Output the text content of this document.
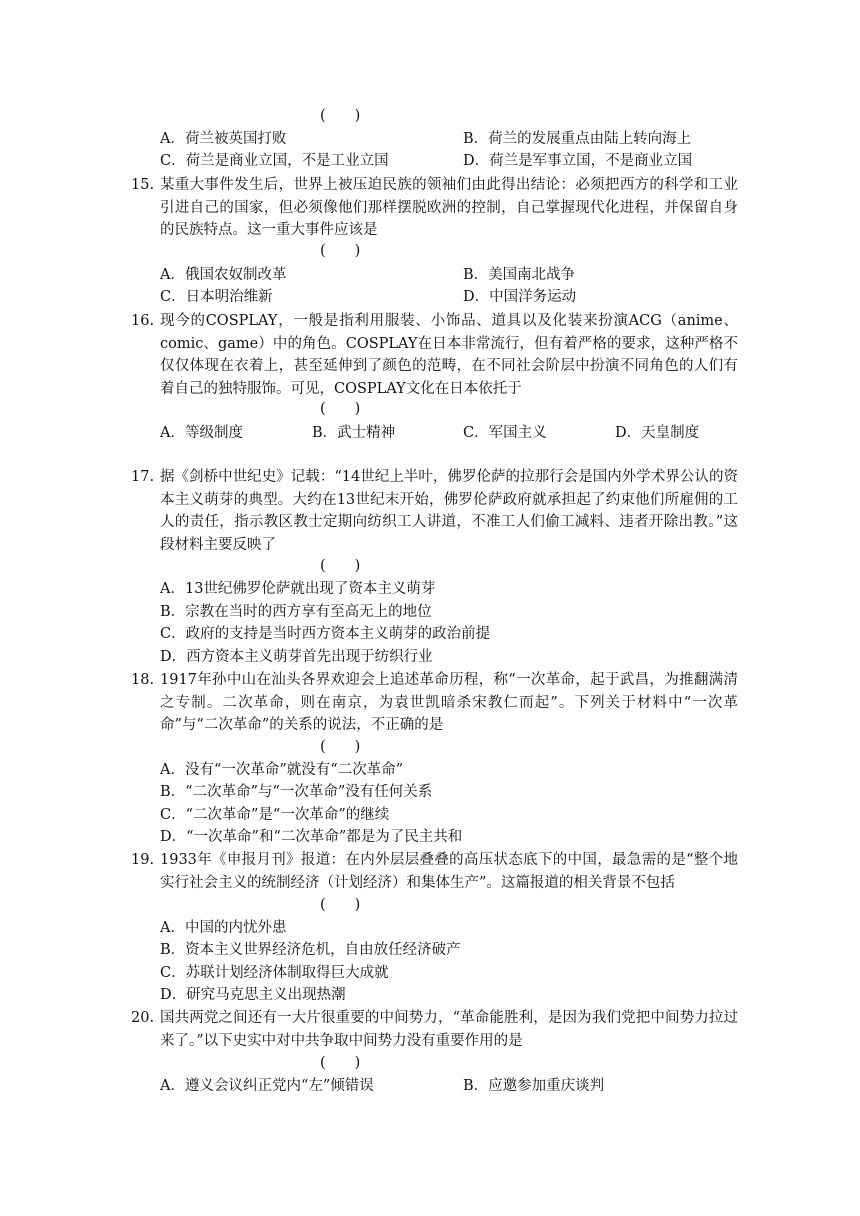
(　　)
A．荷兰被英国打败	B．荷兰的发展重点由陆上转向海上
C．荷兰是商业立国，不是工业立国	D．荷兰是军事立国，不是商业立国
15. 某重大事件发生后，世界上被压迫民族的领袖们由此得出结论：必须把西方的科学和工业引进自己的国家，但必须像他们那样摆脱欧洲的控制，自己掌握现代化进程，并保留自身的民族特点。这一重大事件应该是
(　　)
A．俄国农奴制改革	B．美国南北战争
C．日本明治维新	D．中国洋务运动
16. 现今的COSPLAY，一般是指利用服装、小饰品、道具以及化装来扮演ACG（anime、comic、game）中的角色。COSPLAY在日本非常流行，但有着严格的要求，这种严格不仅仅体现在衣着上，甚至延伸到了颜色的范畴，在不同社会阶层中扮演不同角色的人们有着自己的独特服饰。可见，COSPLAY文化在日本依托于
(　　)
A．等级制度	B．武士精神	C．军国主义	D．天皇制度
17. 据《剑桥中世纪史》记载：“14世纪上半叶，佛罗伦萨的拉那行会是国内外学术界公认的资本主义萌芽的典型。大约在13世纪末开始，佛罗伦萨政府就承担起了约束他们所雇佣的工人的责任，指示教区教士定期向纺织工人讲道，不准工人们偷工减料、违者开除出教。”这段材料主要反映了
(　　)
A．13世纪佛罗伦萨就出现了资本主义萌芽
B．宗教在当时的西方享有至高无上的地位
C．政府的支持是当时西方资本主义萌芽的政治前提
D．西方资本主义萌芽首先出现于纺织行业
18. 1917年孙中山在汕头各界欢迎会上追述革命历程，称“一次革命，起于武昌，为推翻满清之专制。二次革命，则在南京，为袁世凯暗杀宋教仁而起”。下列关于材料中“一次革命”与“二次革命”的关系的说法，不正确的是
(　　)
A．没有“一次革命”就没有“二次革命”
B．“二次革命”与“一次革命”没有任何关系
C．“二次革命”是“一次革命”的继续
D．“一次革命”和“二次革命”都是为了民主共和
19. 1933年《申报月刊》报道：在内外层层叠叠的高压状态底下的中国，最急需的是“整个地实行社会主义的统制经济（计划经济）和集体生产”。这篇报道的相关背景不包括
(　　)
A．中国的内忧外患
B．资本主义世界经济危机，自由放任经济破产
C．苏联计划经济体制取得巨大成就
D．研究马克思主义出现热潮
20. 国共两党之间还有一大片很重要的中间势力，“革命能胜利，是因为我们党把中间势力拉过来了。”以下史实中对中共争取中间势力没有重要作用的是
(　　)
A．遵义会议纠正党内“左”倾错误	B．应邀参加重庆谈判
